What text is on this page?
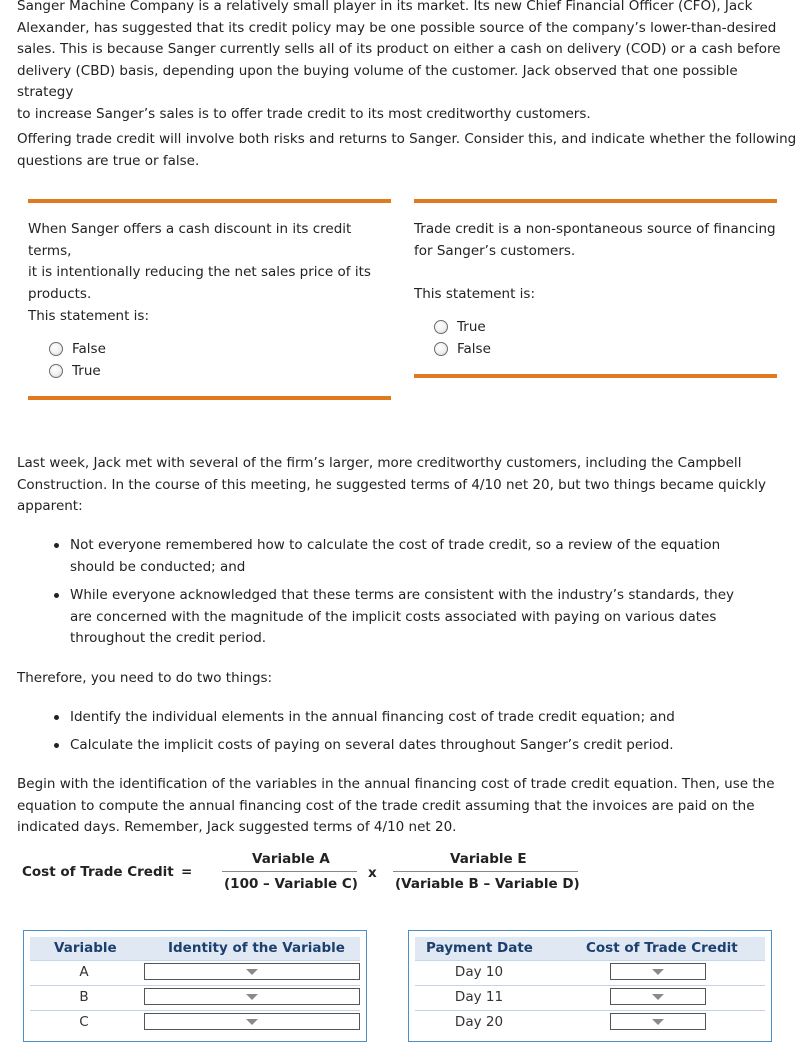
Sanger Machine Company is a relatively small player in its market. Its new Chief Financial Officer (CFO), Jack

Alexander, has suggested that its credit policy may be one possible source of the company’s lower-than-desired

sales. This is because Sanger currently sells all of its product on either a cash on delivery (COD) or a cash before

delivery (CBD) basis, depending upon the buying volume of the customer. Jack observed that one possible strategy

to increase Sanger’s sales is to offer trade credit to its most creditworthy customers.

Offering trade credit will involve both risks and returns to Sanger. Consider this, and indicate whether the following

questions are true or false.

When Sanger offers a cash discount in its credit terms,

it is intentionally reducing the net sales price of its

products.

This statement is:
False
True

Trade credit is a non-spontaneous source of financing

for Sanger’s customers.

This statement is:
True
False

Last week, Jack met with several of the firm’s larger, more creditworthy customers, including the Campbell

Construction. In the course of this meeting, he suggested terms of 4/10 net 20, but two things became quickly

apparent:

Not everyone remembered how to calculate the cost of trade credit, so a review of the equation
should be conducted; and
While everyone acknowledged that these terms are consistent with the industry’s standards, they
are concerned with the magnitude of the implicit costs associated with paying on various dates
throughout the credit period.
Therefore, you need to do two things:
Identify the individual elements in the annual financing cost of trade credit equation; and
Calculate the implicit costs of paying on several dates throughout Sanger’s credit period.

Begin with the identification of the variables in the annual financing cost of trade credit equation. Then, use the

equation to compute the annual financing cost of the trade credit assuming that the invoices are paid on the

indicated days. Remember, Jack suggested terms of 4/10 net 20.

Cost of Trade Credit =
Variable A
(100 – Variable C)
x
Variable E
(Variable B – Variable D)
Variable	Identity of the Variable
A
B
C
Payment Date	Cost of Trade Credit
Day 10
Day 11
Day 20
